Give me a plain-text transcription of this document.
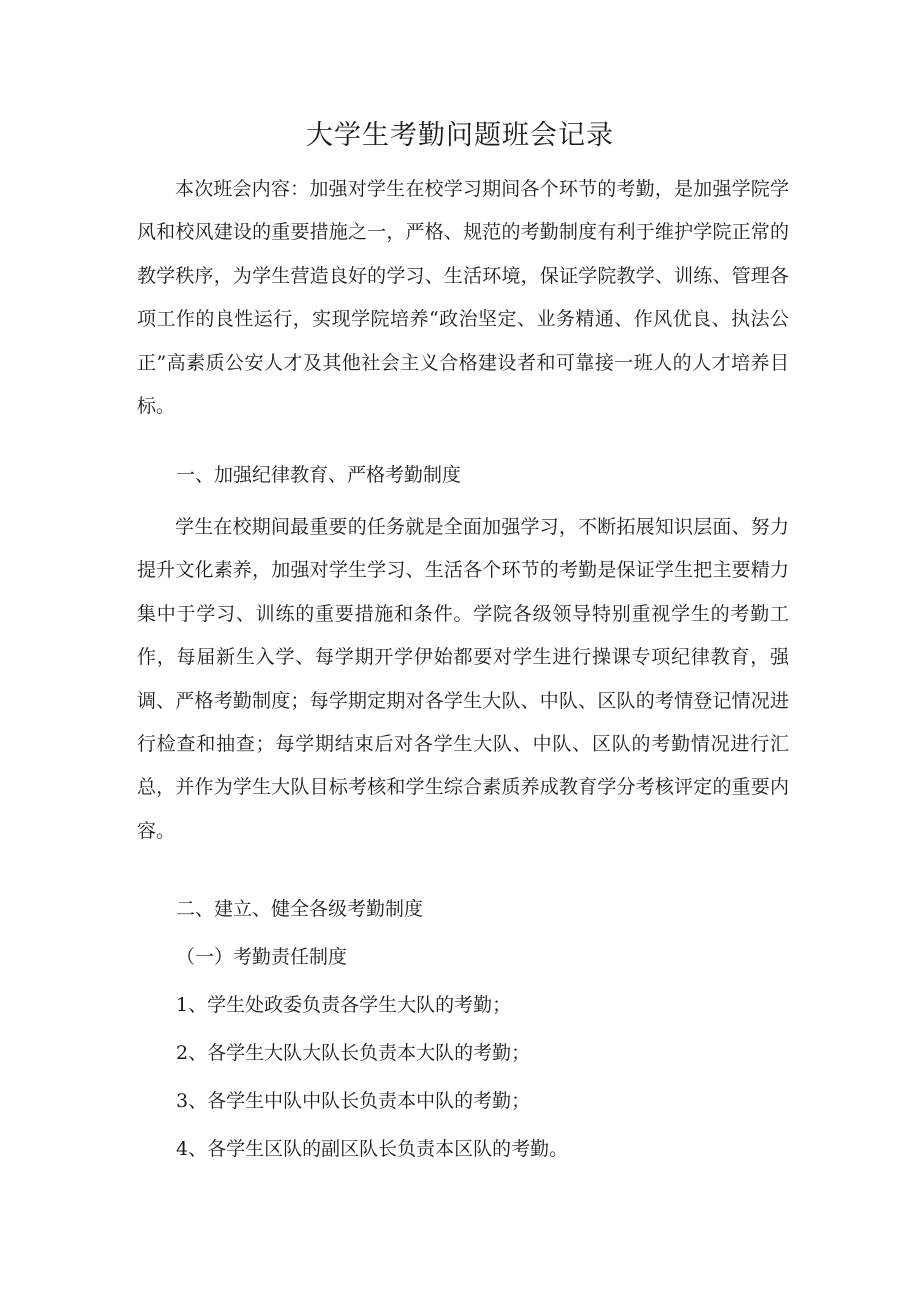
大学生考勤问题班会记录

本次班会内容：加强对学生在校学习期间各个环节的考勤，是加强学院学风和校风建设的重要措施之一，严格、规范的考勤制度有利于维护学院正常的教学秩序，为学生营造良好的学习、生活环境，保证学院教学、训练、管理各项工作的良性运行，实现学院培养“政治坚定、业务精通、作风优良、执法公正”高素质公安人才及其他社会主义合格建设者和可靠接一班人的人才培养目标。

一、加强纪律教育、严格考勤制度

学生在校期间最重要的任务就是全面加强学习，不断拓展知识层面、努力提升文化素养，加强对学生学习、生活各个环节的考勤是保证学生把主要精力集中于学习、训练的重要措施和条件。学院各级领导特别重视学生的考勤工作，每届新生入学、每学期开学伊始都要对学生进行操课专项纪律教育，强调、严格考勤制度；每学期定期对各学生大队、中队、区队的考情登记情况进行检查和抽查；每学期结束后对各学生大队、中队、区队的考勤情况进行汇总，并作为学生大队目标考核和学生综合素质养成教育学分考核评定的重要内容。

二、建立、健全各级考勤制度
（一）考勤责任制度
1、学生处政委负责各学生大队的考勤；
2、各学生大队大队长负责本大队的考勤；
3、各学生中队中队长负责本中队的考勤；
4、各学生区队的副区队长负责本区队的考勤。
